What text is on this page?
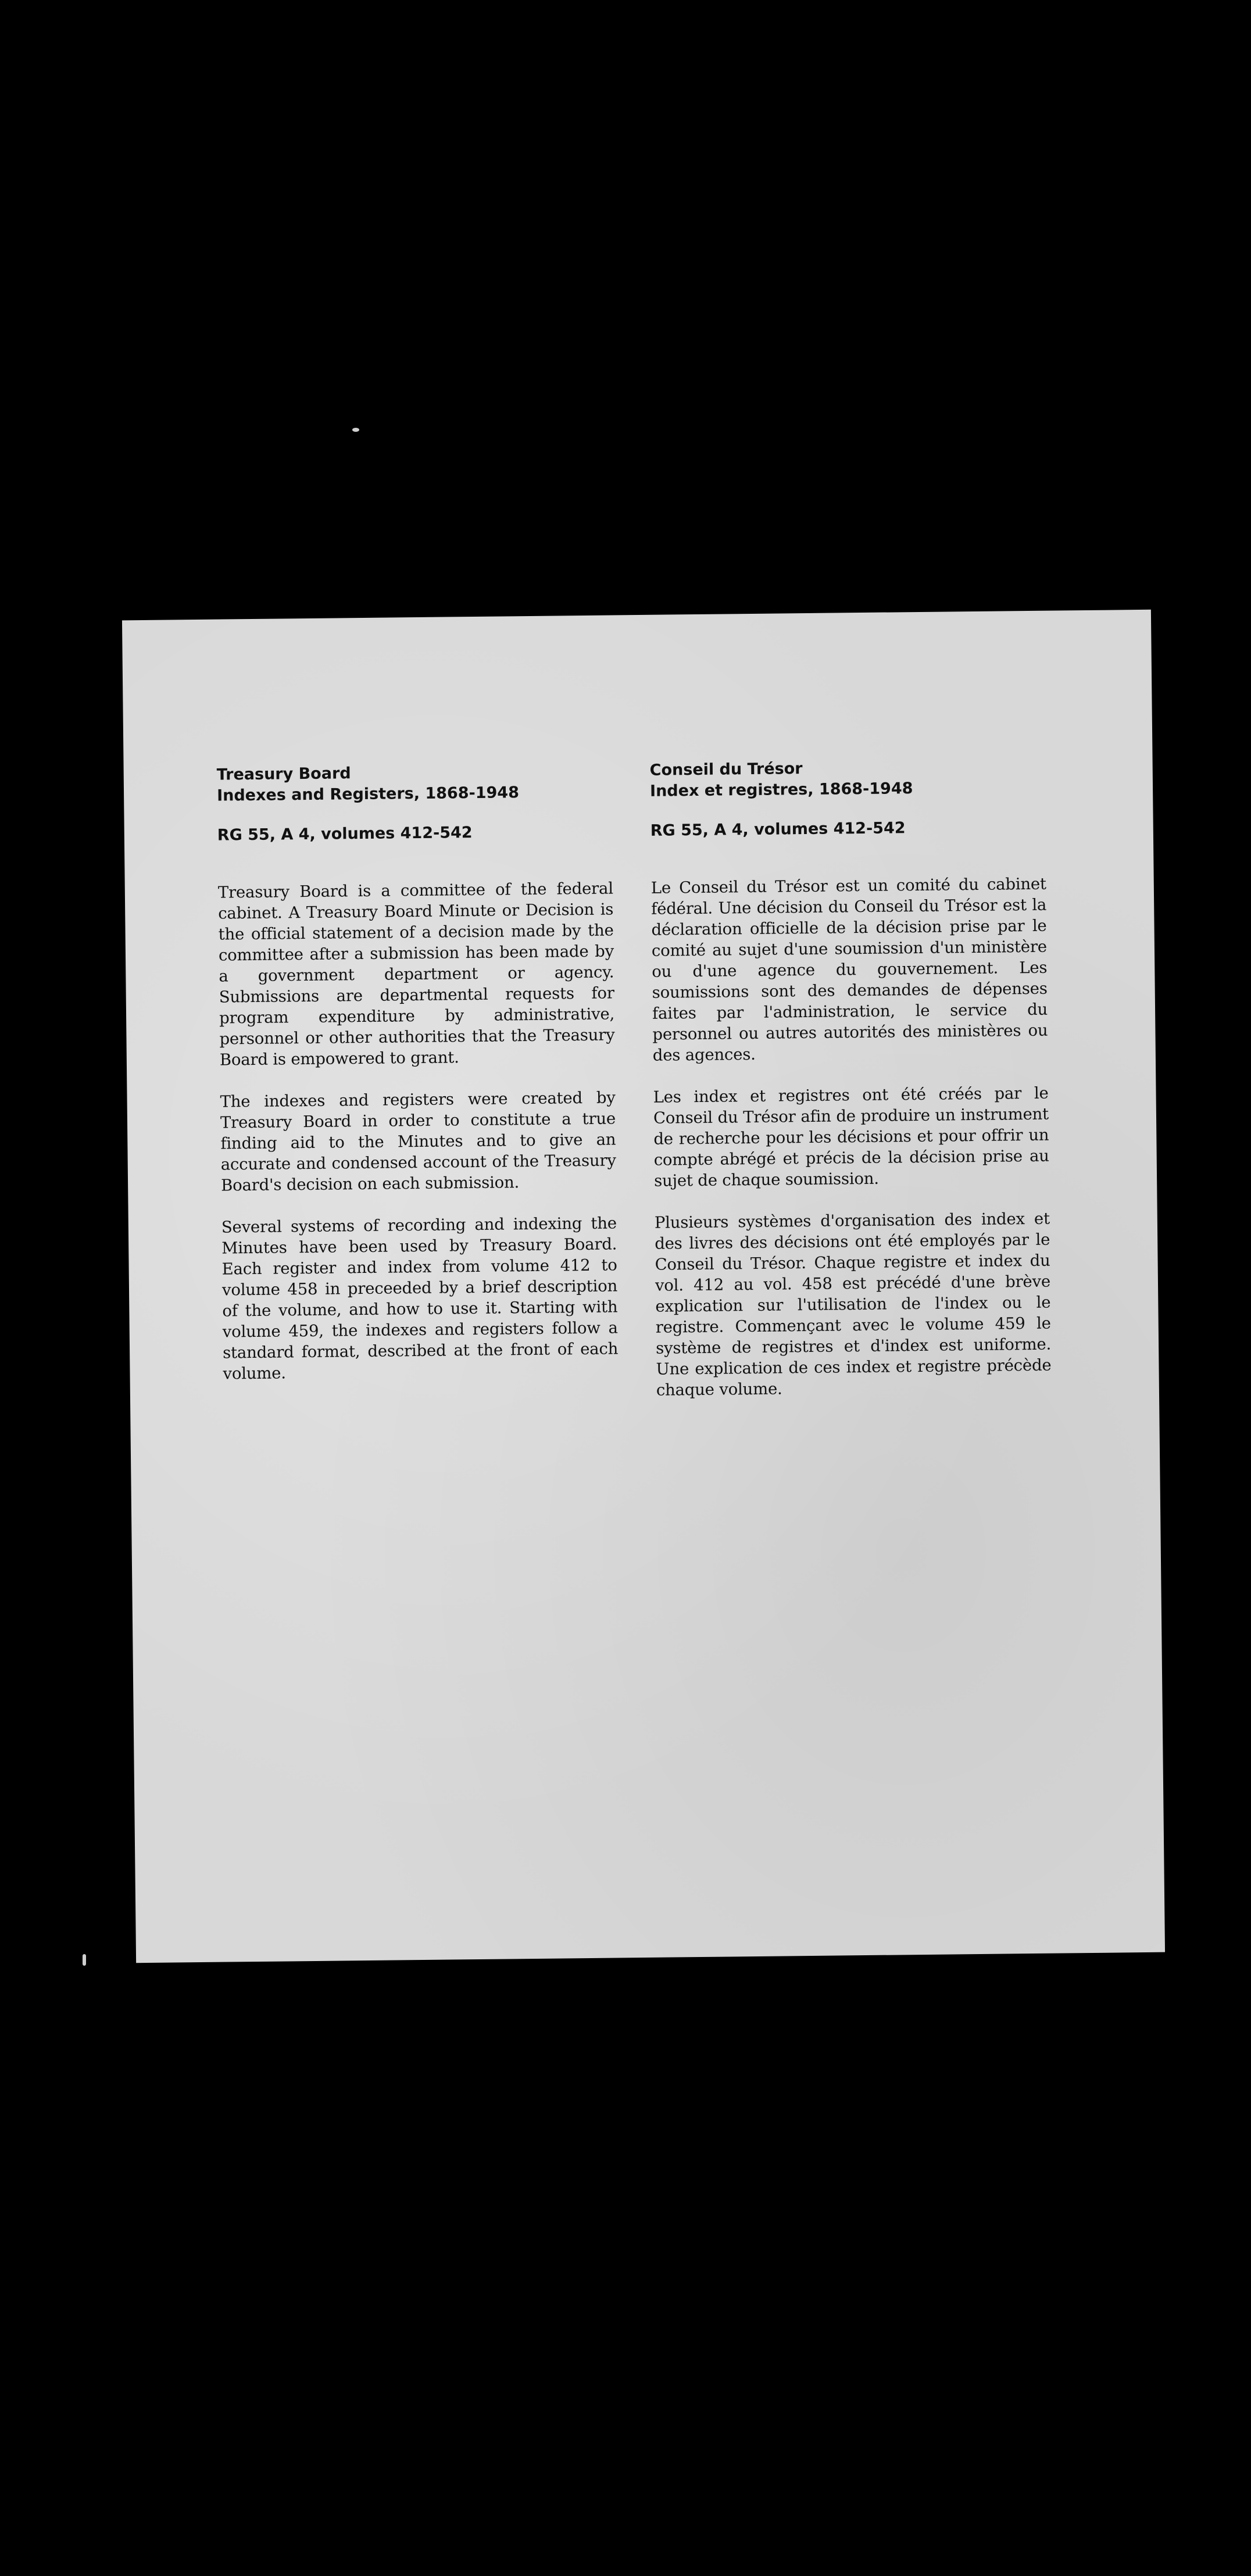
Treasury Board

Indexes and Registers, 1868-1948

RG 55, A 4, volumes 412-542

Treasury Board is a committee of the federal cabinet. A Treasury Board Minute or Decision is the official statement of a decision made by the committee after a submission has been made by a government department or agency. Submissions are departmental requests for program expenditure by administrative, personnel or other authorities that the Treasury Board is empowered to grant.

The indexes and registers were created by Treasury Board in order to constitute a true finding aid to the Minutes and to give an accurate and condensed account of the Treasury Board's decision on each submission.

Several systems of recording and indexing the Minutes have been used by Treasury Board. Each register and index from volume 412 to volume 458 in preceeded by a brief description of the volume, and how to use it. Starting with volume 459, the indexes and registers follow a standard format, described at the front of each volume.

Conseil du Trésor

Index et registres, 1868-1948

RG 55, A 4, volumes 412-542

Le Conseil du Trésor est un comité du cabinet fédéral. Une décision du Conseil du Trésor est la déclaration officielle de la décision prise par le comité au sujet d'une soumission d'un ministère ou d'une agence du gouvernement. Les soumissions sont des demandes de dépenses faites par l'administration, le service du personnel ou autres autorités des ministères ou des agences.

Les index et registres ont été créés par le Conseil du Trésor afin de produire un instrument de recherche pour les décisions et pour offrir un compte abrégé et précis de la décision prise au sujet de chaque soumission.

Plusieurs systèmes d'organisation des index et des livres des décisions ont été employés par le Conseil du Trésor. Chaque registre et index du vol. 412 au vol. 458 est précédé d'une brève explication sur l'utilisation de l'index ou le registre. Commençant avec le volume 459 le système de registres et d'index est uniforme. Une explication de ces index et registre précède chaque volume.
